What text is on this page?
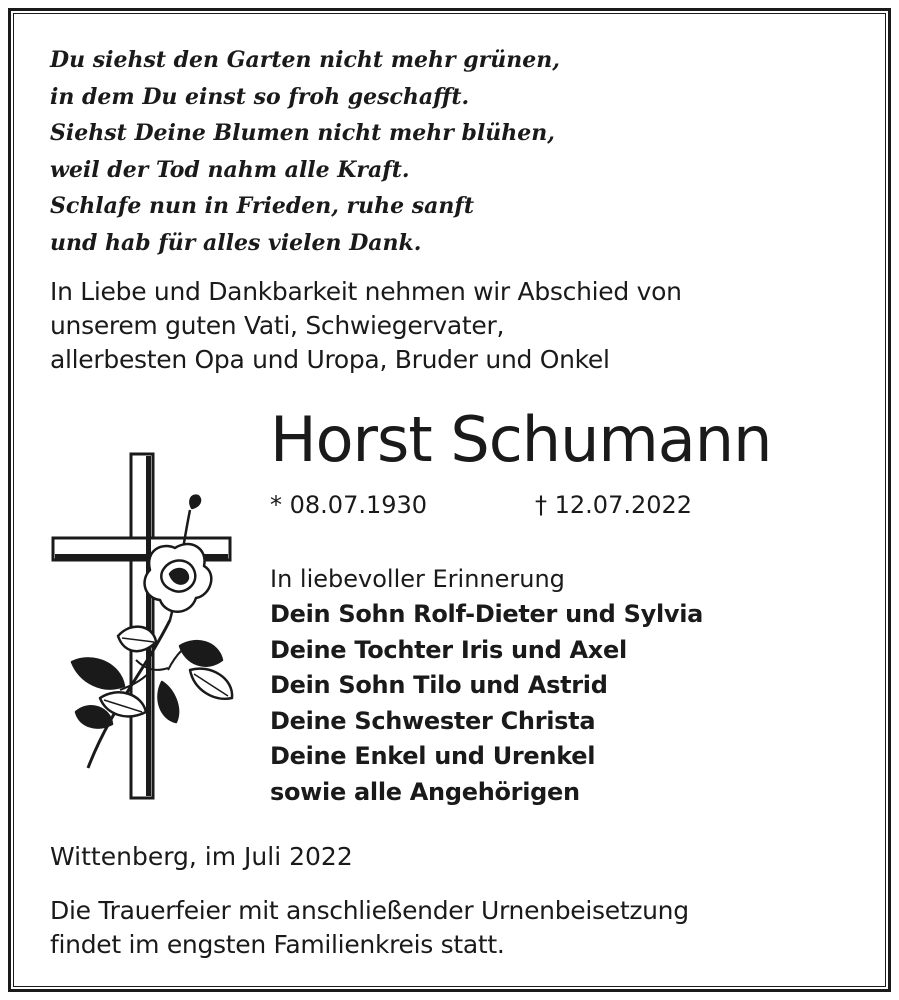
Du siehst den Garten nicht mehr grünen,
in dem Du einst so froh geschafft.
Siehst Deine Blumen nicht mehr blühen,
weil der Tod nahm alle Kraft.
Schlafe nun in Frieden, ruhe sanft
und hab für alles vielen Dank.
In Liebe und Dankbarkeit nehmen wir Abschied von
unserem guten Vati, Schwiegervater,
allerbesten Opa und Uropa, Bruder und Onkel
Horst Schumann
* 08.07.1930	† 12.07.2022
In liebevoller Erinnerung
Dein Sohn Rolf-Dieter und Sylvia
Deine Tochter Iris und Axel
Dein Sohn Tilo und Astrid
Deine Schwester Christa
Deine Enkel und Urenkel
sowie alle Angehörigen
Wittenberg, im Juli 2022
Die Trauerfeier mit anschließender Urnenbeisetzung
findet im engsten Familienkreis statt.
